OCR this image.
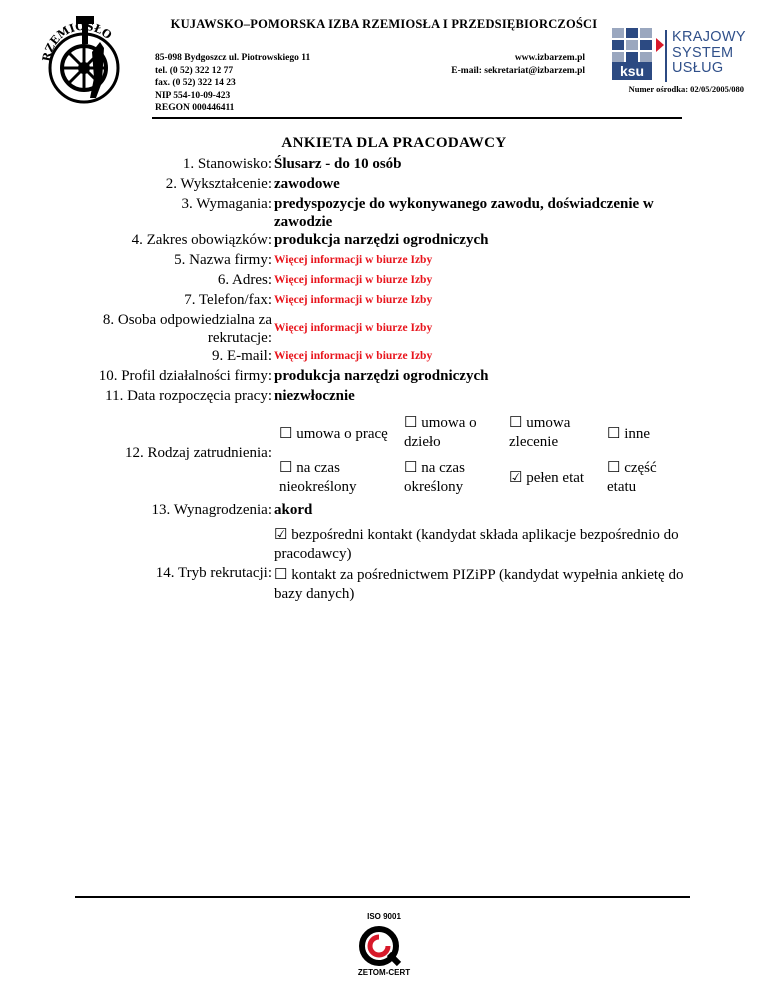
KUJAWSKO–POMORSKA IZBA RZEMIOSŁA I PRZEDSIĘBIORCZOŚCI
RZEMIOSŁO
85-098 Bydgoszcz ul. Piotrowskiego 11
tel. (0 52) 322 12 77
fax. (0 52) 322 14 23
NIP 554-10-09-423
REGON 000446411
www.izbarzem.pl
E-mail: sekretariat@izbarzem.pl	ksu
KRAJOWY
SYSTEM
USŁUG
Numer ośrodka: 02/05/2005/080
ANKIETA DLA PRACODAWCY
1. Stanowisko: Ślusarz - do 10 osób
2. Wykształcenie: zawodowe
3. Wymagania: predyspozycje do wykonywanego zawodu, doświadczenie w zawodzie
4. Zakres obowiązków: produkcja narzędzi ogrodniczych
5. Nazwa firmy: Więcej informacji w biurze Izby
6. Adres: Więcej informacji w biurze Izby
7. Telefon/fax: Więcej informacji w biurze Izby
8. Osoba odpowiedzialna za
rekrutacje:
Więcej informacji w biurze Izby
9. E-mail: Więcej informacji w biurze Izby
10. Profil działalności firmy: produkcja narzędzi ogrodniczych
11. Data rozpoczęcia pracy: niezwłocznie
12. Rodzaj zatrudnienia:
☐ umowa o pracę
☐ umowa o
dzieło
☐ umowa
zlecenie	☐ inne
☐ na czas
nieokreślony
☐ na czas
określony
☑ pełen etat
☐ część
etatu
13. Wynagrodzenia: akord
14. Tryb rekrutacji:
☑ bezpośredni kontakt (kandydat składa aplikacje bezpośrednio do pracodawcy)
☐ kontakt za pośrednictwem PIZiPP (kandydat wypełnia ankietę do bazy danych)
ISO 9001
ZETOM-CERT
